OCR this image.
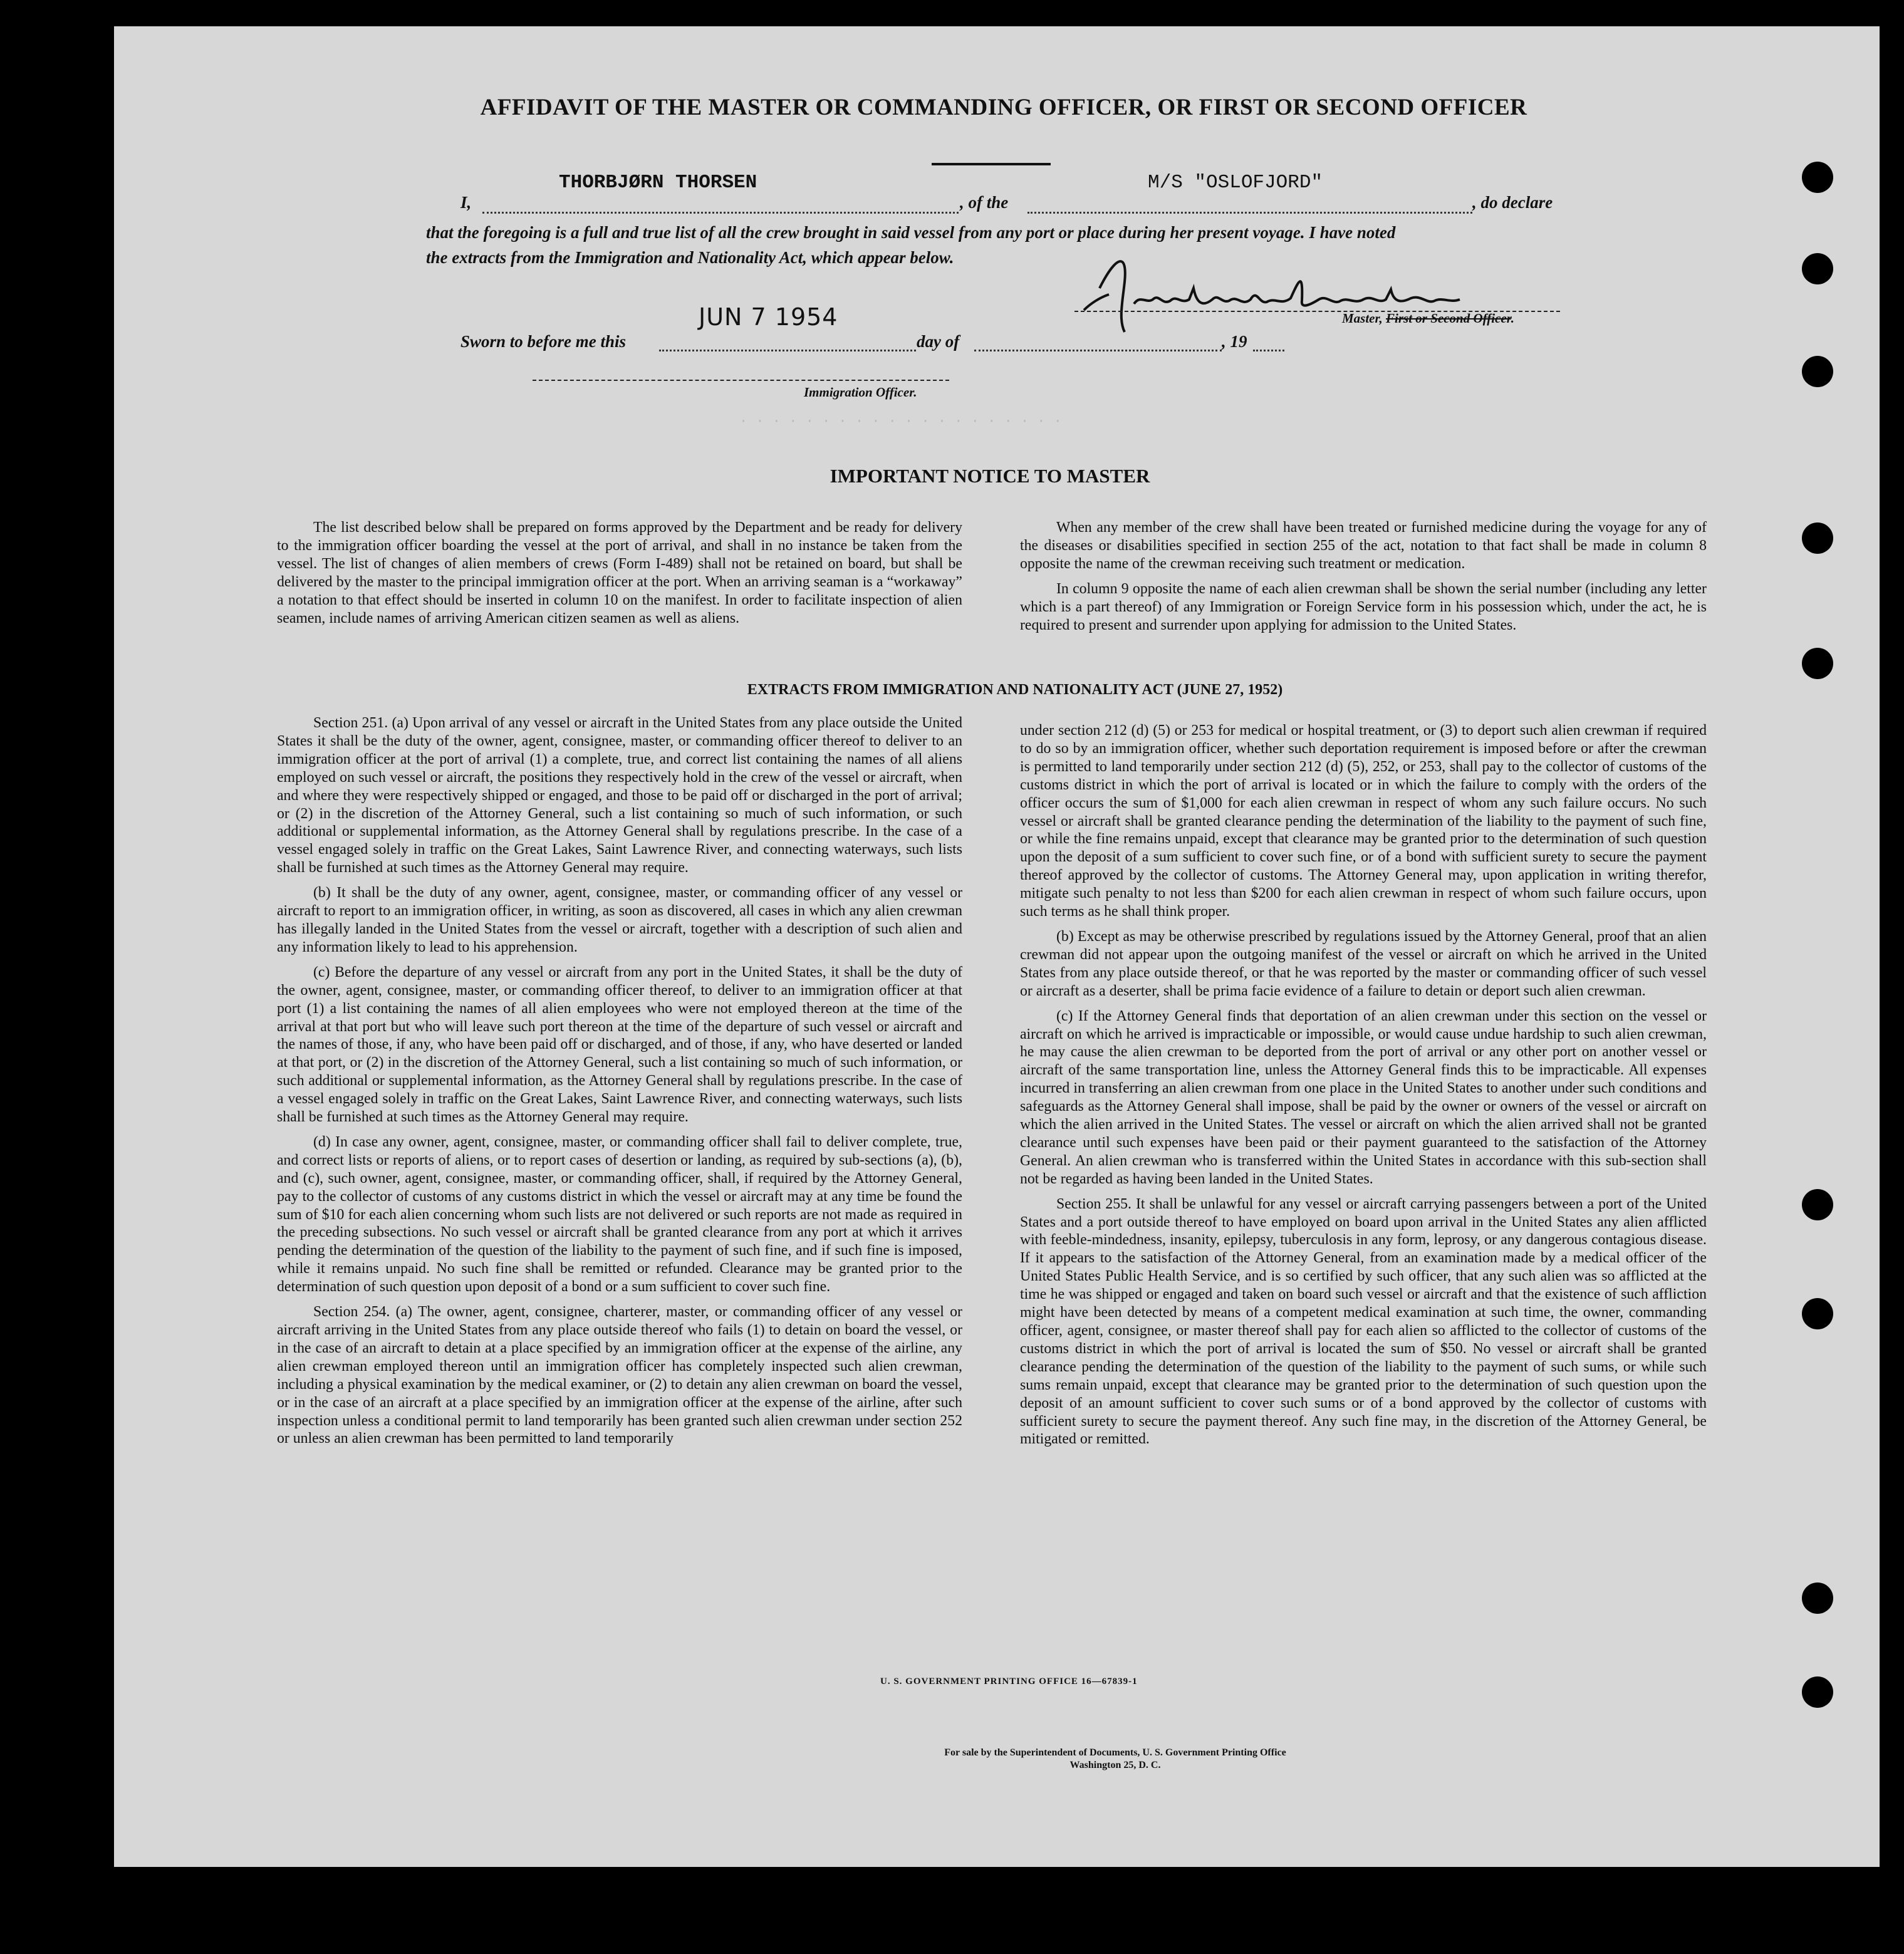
· · · · · · · · · · · · · · · · · · · ·
AFFIDAVIT OF THE MASTER OR COMMANDING OFFICER, OR FIRST OR SECOND OFFICER
I,
THORBJØRN THORSEN
, of the
M/S "OSLOFJORD"
, do declare
that the foregoing is a full and true list of all the crew brought in said vessel from any port or place during her present voyage. I have noted
the extracts from the Immigration and Nationality Act, which appear below.
Master, First or Second Officer.
Sworn to before me this
JUN 7 1954
day of	, 19
Immigration Officer.
IMPORTANT NOTICE TO MASTER

The list described below shall be prepared on forms approved by the Department and be ready for delivery to the immigration officer boarding the vessel at the port of arrival, and shall in no instance be taken from the vessel. The list of changes of alien members of crews (Form I-489) shall not be retained on board, but shall be delivered by the master to the principal immigration officer at the port. When an arriving seaman is a “workaway” a notation to that effect should be inserted in column 10 on the manifest. In order to facilitate inspection of alien seamen, include names of arriving American citizen seamen as well as aliens.

When any member of the crew shall have been treated or furnished medicine during the voyage for any of the diseases or disabilities specified in section 255 of the act, notation to that fact shall be made in column 8 opposite the name of the crewman receiving such treatment or medication.

In column 9 opposite the name of each alien crewman shall be shown the serial number (including any letter which is a part thereof) of any Immigration or Foreign Service form in his possession which, under the act, he is required to present and surrender upon applying for admission to the United States.

EXTRACTS FROM IMMIGRATION AND NATIONALITY ACT (JUNE 27, 1952)

Section 251. (a) Upon arrival of any vessel or aircraft in the United States from any place outside the United States it shall be the duty of the owner, agent, consignee, master, or commanding officer thereof to deliver to an immigration officer at the port of arrival (1) a complete, true, and correct list containing the names of all aliens employed on such vessel or aircraft, the positions they respectively hold in the crew of the vessel or aircraft, when and where they were respectively shipped or engaged, and those to be paid off or discharged in the port of arrival; or (2) in the discretion of the Attorney General, such a list containing so much of such information, or such additional or supplemental information, as the Attorney General shall by regulations prescribe. In the case of a vessel engaged solely in traffic on the Great Lakes, Saint Lawrence River, and connecting waterways, such lists shall be furnished at such times as the Attorney General may require.

(b) It shall be the duty of any owner, agent, consignee, master, or commanding officer of any vessel or aircraft to report to an immigration officer, in writing, as soon as discovered, all cases in which any alien crewman has illegally landed in the United States from the vessel or aircraft, together with a description of such alien and any information likely to lead to his apprehension.

(c) Before the departure of any vessel or aircraft from any port in the United States, it shall be the duty of the owner, agent, consignee, master, or commanding officer thereof, to deliver to an immigration officer at that port (1) a list containing the names of all alien employees who were not employed thereon at the time of the arrival at that port but who will leave such port thereon at the time of the departure of such vessel or aircraft and the names of those, if any, who have been paid off or discharged, and of those, if any, who have deserted or landed at that port, or (2) in the discretion of the Attorney General, such a list containing so much of such information, or such additional or supplemental information, as the Attorney General shall by regulations prescribe. In the case of a vessel engaged solely in traffic on the Great Lakes, Saint Lawrence River, and connecting waterways, such lists shall be furnished at such times as the Attorney General may require.

(d) In case any owner, agent, consignee, master, or commanding officer shall fail to deliver complete, true, and correct lists or reports of aliens, or to report cases of desertion or landing, as required by sub-sections (a), (b), and (c), such owner, agent, consignee, master, or commanding officer, shall, if required by the Attorney General, pay to the collector of customs of any customs district in which the vessel or aircraft may at any time be found the sum of $10 for each alien concerning whom such lists are not delivered or such reports are not made as required in the preceding subsections. No such vessel or aircraft shall be granted clearance from any port at which it arrives pending the determination of the question of the liability to the payment of such fine, and if such fine is imposed, while it remains unpaid. No such fine shall be remitted or refunded. Clearance may be granted prior to the determination of such question upon deposit of a bond or a sum sufficient to cover such fine.

Section 254. (a) The owner, agent, consignee, charterer, master, or commanding officer of any vessel or aircraft arriving in the United States from any place outside thereof who fails (1) to detain on board the vessel, or in the case of an aircraft to detain at a place specified by an immigration officer at the expense of the airline, any alien crewman employed thereon until an immigration officer has completely inspected such alien crewman, including a physical examination by the medical examiner, or (2) to detain any alien crewman on board the vessel, or in the case of an aircraft at a place specified by an immigration officer at the expense of the airline, after such inspection unless a conditional permit to land temporarily has been granted such alien crewman under section 252 or unless an alien crewman has been permitted to land temporarily

under section 212 (d) (5) or 253 for medical or hospital treatment, or (3) to deport such alien crewman if required to do so by an immigration officer, whether such deportation requirement is imposed before or after the crewman is permitted to land temporarily under section 212 (d) (5), 252, or 253, shall pay to the collector of customs of the customs district in which the port of arrival is located or in which the failure to comply with the orders of the officer occurs the sum of $1,000 for each alien crewman in respect of whom any such failure occurs. No such vessel or aircraft shall be granted clearance pending the determination of the liability to the payment of such fine, or while the fine remains unpaid, except that clearance may be granted prior to the determination of such question upon the deposit of a sum sufficient to cover such fine, or of a bond with sufficient surety to secure the payment thereof approved by the collector of customs. The Attorney General may, upon application in writing therefor, mitigate such penalty to not less than $200 for each alien crewman in respect of whom such failure occurs, upon such terms as he shall think proper.

(b) Except as may be otherwise prescribed by regulations issued by the Attorney General, proof that an alien crewman did not appear upon the outgoing manifest of the vessel or aircraft on which he arrived in the United States from any place outside thereof, or that he was reported by the master or commanding officer of such vessel or aircraft as a deserter, shall be prima facie evidence of a failure to detain or deport such alien crewman.

(c) If the Attorney General finds that deportation of an alien crewman under this section on the vessel or aircraft on which he arrived is impracticable or impossible, or would cause undue hardship to such alien crewman, he may cause the alien crewman to be deported from the port of arrival or any other port on another vessel or aircraft of the same transportation line, unless the Attorney General finds this to be impracticable. All expenses incurred in transferring an alien crewman from one place in the United States to another under such conditions and safeguards as the Attorney General shall impose, shall be paid by the owner or owners of the vessel or aircraft on which the alien arrived in the United States. The vessel or aircraft on which the alien arrived shall not be granted clearance until such expenses have been paid or their payment guaranteed to the satisfaction of the Attorney General. An alien crewman who is transferred within the United States in accordance with this sub-section shall not be regarded as having been landed in the United States.

Section 255. It shall be unlawful for any vessel or aircraft carrying passengers between a port of the United States and a port outside thereof to have employed on board upon arrival in the United States any alien afflicted with feeble-mindedness, insanity, epilepsy, tuberculosis in any form, leprosy, or any dangerous contagious disease. If it appears to the satisfaction of the Attorney General, from an examination made by a medical officer of the United States Public Health Service, and is so certified by such officer, that any such alien was so afflicted at the time he was shipped or engaged and taken on board such vessel or aircraft and that the existence of such affliction might have been detected by means of a competent medical examination at such time, the owner, commanding officer, agent, consignee, or master thereof shall pay for each alien so afflicted to the collector of customs of the customs district in which the port of arrival is located the sum of $50. No vessel or aircraft shall be granted clearance pending the determination of the question of the liability to the payment of such sums, or while such sums remain unpaid, except that clearance may be granted prior to the determination of such question upon the deposit of an amount sufficient to cover such sums or of a bond approved by the collector of customs with sufficient surety to secure the payment thereof. Any such fine may, in the discretion of the Attorney General, be mitigated or remitted.

U. S. GOVERNMENT PRINTING OFFICE 16—67839-1
For sale by the Superintendent of Documents, U. S. Government Printing Office
Washington 25, D. C.
